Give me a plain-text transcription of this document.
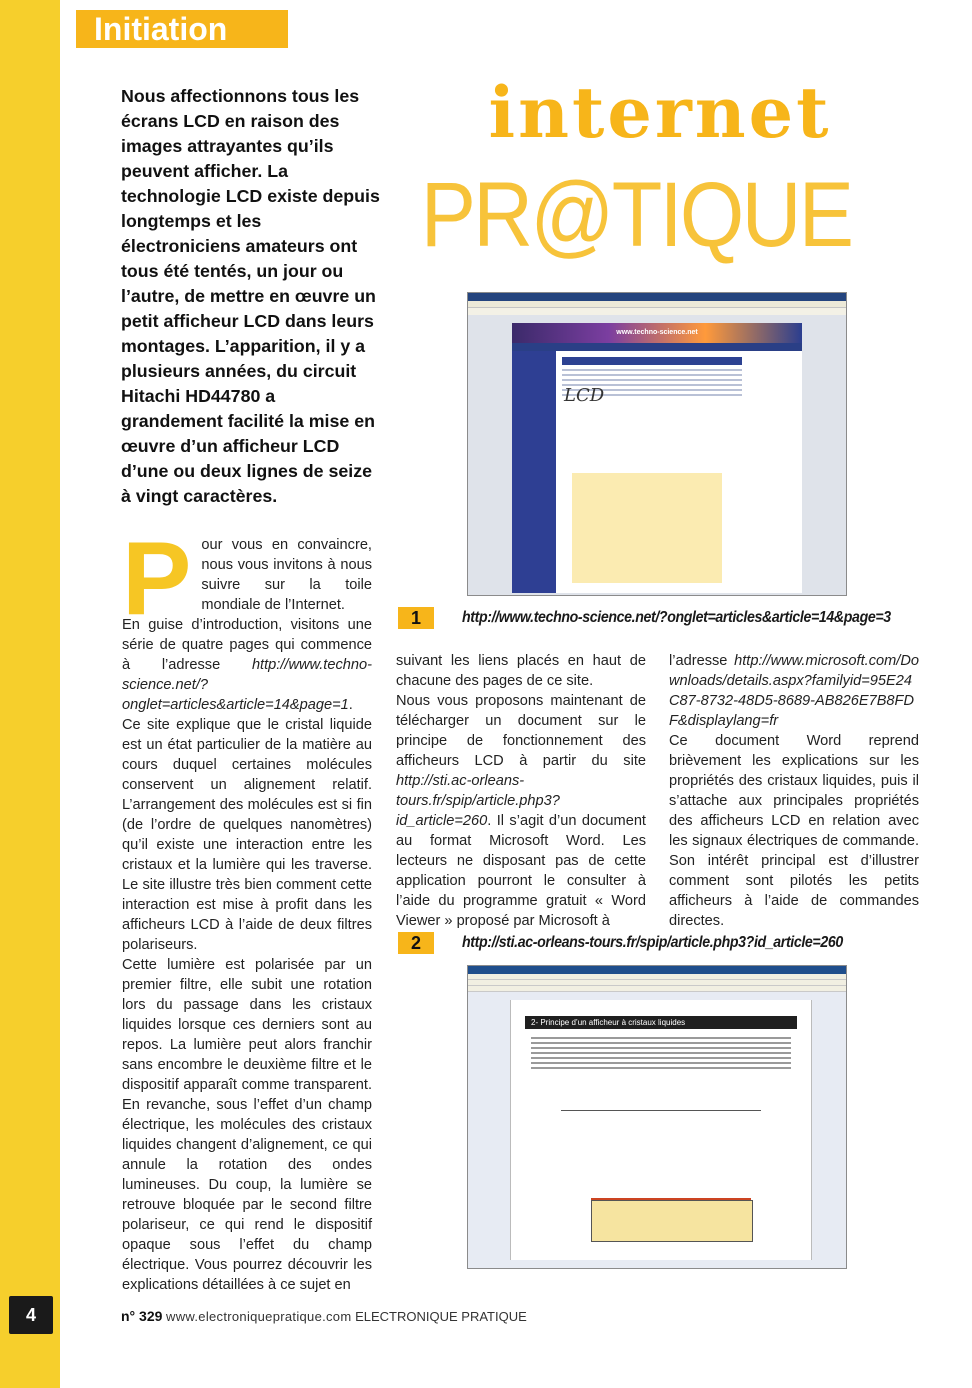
Initiation
Nous affectionnons tous les écrans LCD en raison des images attrayantes qu’ils peuvent afficher. La technologie LCD existe depuis longtemps et les électroniciens amateurs ont tous été tentés, un jour ou l’autre, de mettre en œuvre un petit afficheur LCD dans leurs montages. L’apparition, il y a plusieurs années, du circuit Hitachi HD44780 a grandement facilité la mise en œuvre d’un afficheur LCD d’une ou deux lignes de seize à vingt caractères.
internet
PR@TIQUE
www.techno-science.net
LCD
1	http://www.techno-science.net/?onglet=articles&article=14&page=3
P our vous en convaincre, nous vous invitons à nous suivre sur la toile mondiale de l’Internet.

En guise d’introduction, visitons une série de quatre pages qui commence à l’adresse http://www.techno-science.net/?onglet=articles&article=14&page=1. Ce site explique que le cristal liquide est un état particulier de la matière au cours duquel certaines molécules conservent un alignement relatif. L’arrangement des molécules est si fin (de l’ordre de quelques nanomètres) qu’il existe une interaction entre les cristaux et la lumière qui les traverse. Le site illustre très bien comment cette interaction est mise à profit dans les afficheurs LCD à l’aide de deux filtres polariseurs.

Cette lumière est polarisée par un premier filtre, elle subit une rotation lors du passage dans les cristaux liquides lorsque ces derniers sont au repos. La lumière peut alors franchir sans encombre le deuxième filtre et le dispositif apparaît comme transparent. En revanche, sous l’effet d’un champ électrique, les molécules des cristaux liquides changent d’alignement, ce qui annule la rotation des ondes lumineuses. Du coup, la lumière se retrouve bloquée par le second filtre polariseur, ce qui rend le dispositif opaque sous l’effet du champ électrique. Vous pourrez découvrir les explications détaillées à ce sujet en

suivant les liens placés en haut de chacune des pages de ce site.

Nous vous proposons maintenant de télécharger un document sur le principe de fonctionnement des afficheurs LCD à partir du site http://sti.ac-orleans-tours.fr/spip/article.php3?id_article=260. Il s’agit d’un document au format Microsoft Word. Les lecteurs ne disposant pas de cette application pourront le consulter à l’aide du programme gratuit « Word Viewer » proposé par Microsoft à

l’adresse http://www.microsoft.com/Downloads/details.aspx?familyid=95E24C87-8732-48D5-8689-AB826E7B8FDF&displaylang=fr

Ce document Word reprend brièvement les explications sur les propriétés des cristaux liquides, puis il s’attache aux principales propriétés des afficheurs LCD en relation avec les signaux électriques de commande. Son intérêt principal est d’illustrer comment sont pilotés les petits afficheurs à l’aide de commandes directes.

2	http://sti.ac-orleans-tours.fr/spip/article.php3?id_article=260
2- Principe d’un afficheur à cristaux liquides
4	n° 329 www.electroniquepratique.com ELECTRONIQUE PRATIQUE
